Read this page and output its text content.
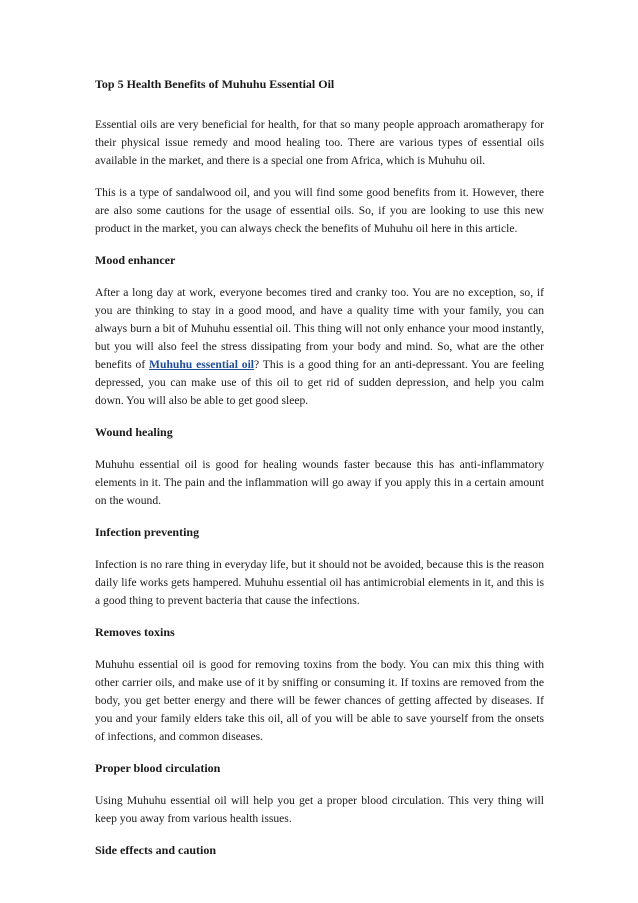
Top 5 Health Benefits of Muhuhu Essential Oil

Essential oils are very beneficial for health, for that so many people approach aromatherapy for their physical issue remedy and mood healing too. There are various types of essential oils available in the market, and there is a special one from Africa, which is Muhuhu oil.

This is a type of sandalwood oil, and you will find some good benefits from it. However, there are also some cautions for the usage of essential oils. So, if you are looking to use this new product in the market, you can always check the benefits of Muhuhu oil here in this article.

Mood enhancer

After a long day at work, everyone becomes tired and cranky too. You are no exception, so, if you are thinking to stay in a good mood, and have a quality time with your family, you can always burn a bit of Muhuhu essential oil. This thing will not only enhance your mood instantly, but you will also feel the stress dissipating from your body and mind. So, what are the other benefits of Muhuhu essential oil? This is a good thing for an anti-depressant. You are feeling depressed, you can make use of this oil to get rid of sudden depression, and help you calm down. You will also be able to get good sleep.

Wound healing

Muhuhu essential oil is good for healing wounds faster because this has anti-inflammatory elements in it. The pain and the inflammation will go away if you apply this in a certain amount on the wound.

Infection preventing

Infection is no rare thing in everyday life, but it should not be avoided, because this is the reason daily life works gets hampered. Muhuhu essential oil has antimicrobial elements in it, and this is a good thing to prevent bacteria that cause the infections.

Removes toxins

Muhuhu essential oil is good for removing toxins from the body. You can mix this thing with other carrier oils, and make use of it by sniffing or consuming it. If toxins are removed from the body, you get better energy and there will be fewer chances of getting affected by diseases. If you and your family elders take this oil, all of you will be able to save yourself from the onsets of infections, and common diseases.

Proper blood circulation

Using Muhuhu essential oil will help you get a proper blood circulation. This very thing will keep you away from various health issues.

Side effects and caution
